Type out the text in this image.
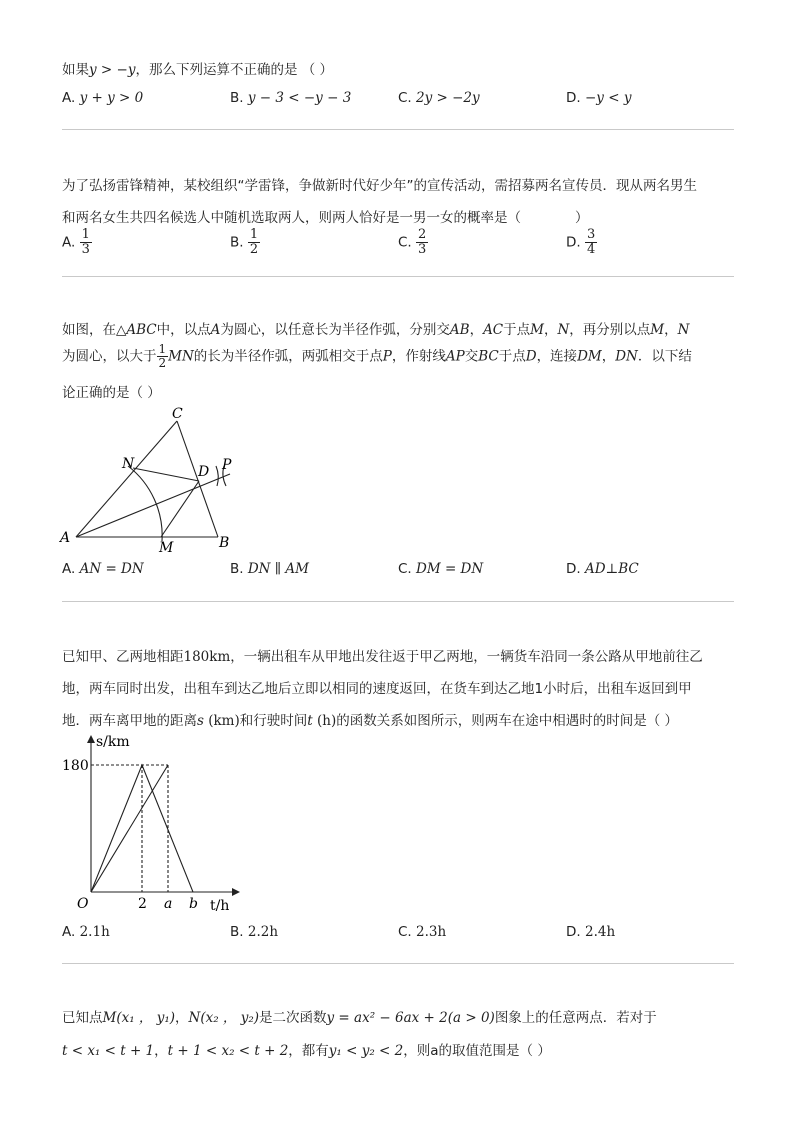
如果y > −y，那么下列运算不正确的是 （ ）
A. y + y > 0	B. y − 3 < −y − 3	C. 2y > −2y	D. −y < y
为了弘扬雷锋精神，某校组织“学雷锋，争做新时代好少年”的宣传活动，需招募两名宣传员．现从两名男生
和两名女生共四名候选人中随机选取两人，则两人恰好是一男一女的概率是（　　　　）
A. $\frac{1}{3}$	B. $\frac{1}{2}$	C. $\frac{2}{3}$	D. $\frac{3}{4}$
如图，在△ABC中，以点A为圆心，以任意长为半径作弧，分别交AB，AC于点M，N，再分别以点M，N
为圆心，以大于 $\frac{1}{2}$ MN的长为半径作弧，两弧相交于点P，作射线AP交BC于点D，连接DM，DN．以下结
论正确的是（ ）
A	B
C
D
M
N	P
A. AN = DN	B. DN ∥ AM	C. DM = DN	D. AD⊥BC
已知甲、乙两地相距180km，一辆出租车从甲地出发往返于甲乙两地，一辆货车沿同一条公路从甲地前往乙
地，两车同时出发，出租车到达乙地后立即以相同的速度返回，在货车到达乙地1小时后，出租车返回到甲
地．两车离甲地的距离s (km)和行驶时间t (h)的函数关系如图所示，则两车在途中相遇时的时间是（ ）
s/km
180
O	2 a b t/h
A. 2.1h	B. 2.2h	C. 2.3h	D. 2.4h
已知点M(x₁ ， y₁)，N(x₂ ， y₂)是二次函数y = ax² − 6ax + 2(a > 0)图象上的任意两点．若对于
t < x₁ < t + 1，t + 1 < x₂ < t + 2，都有y₁ < y₂ < 2，则a的取值范围是（ ）
